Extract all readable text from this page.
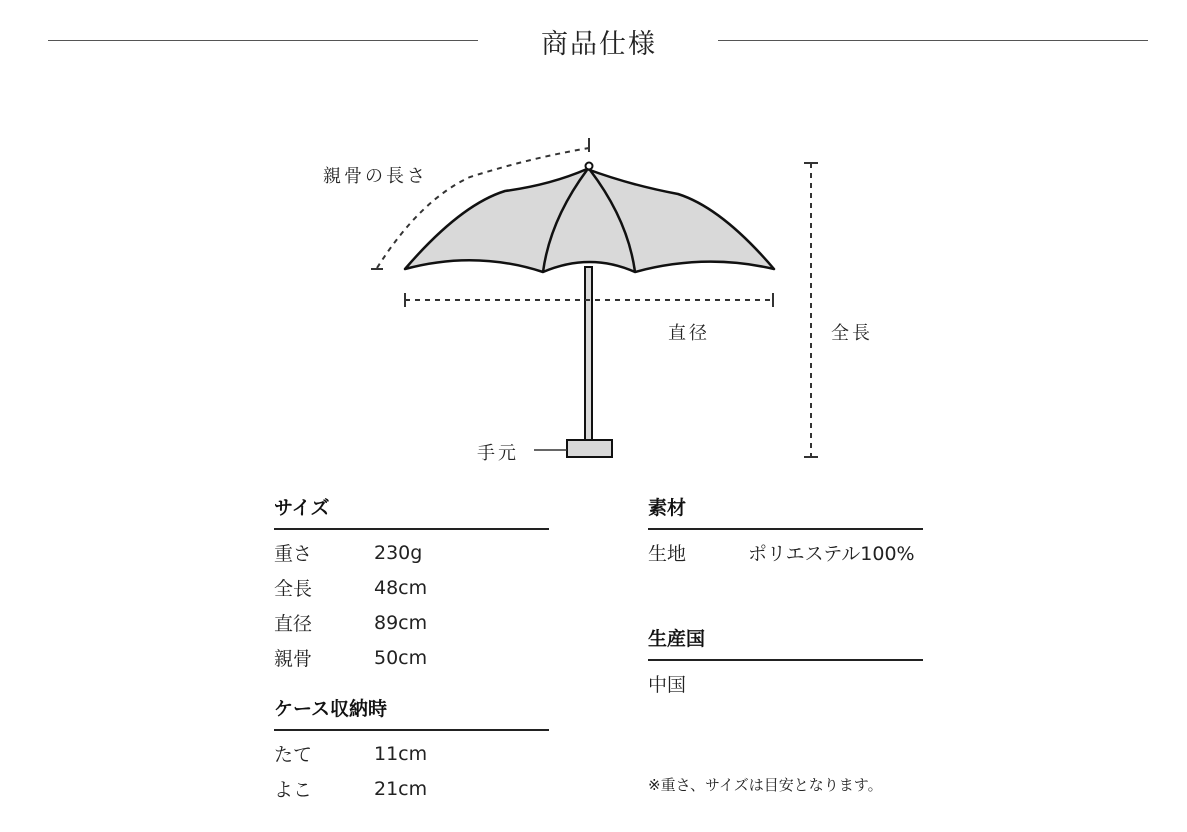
商品仕様
親骨の長さ
直径	全長
手元
サイズ
重さ	230g
全長	48cm
直径	89cm
親骨	50cm
ケース収納時
たて	11cm
よこ	21cm
素材
生地	ポリエステル100%
生産国
中国
※重さ、サイズは目安となります。
